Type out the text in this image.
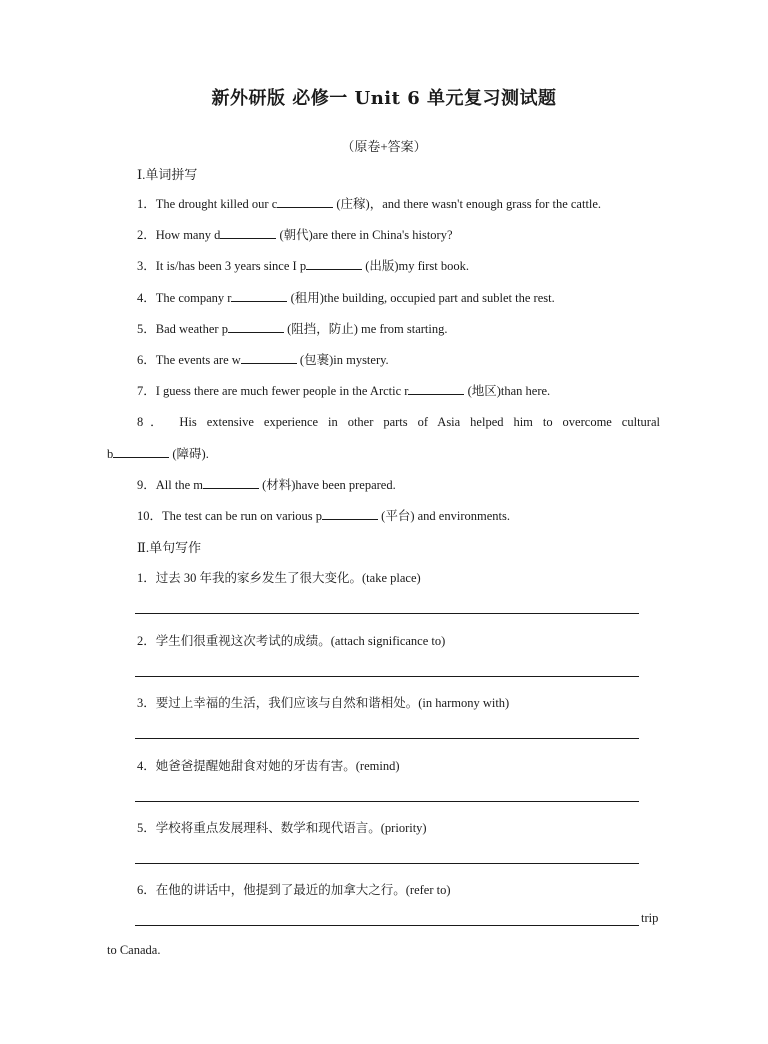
新外研版 必修一 Unit 6 单元复习测试题
（原卷+答案）
Ⅰ.单词拼写
1．The drought killed our c	(庄稼)，and there wasn't enough grass for the cattle.
2．How many d	(朝代)are there in China's history?
3．It is/has been 3 years since I p	(出版)my first book.
4．The company r	(租用)the building, occupied part and sublet the rest.
5．Bad weather p	(阻挡，防止) me from starting.
6．The events are w	(包裹)in mystery.
7．I guess there are much fewer people in the Arctic r	(地区)than here.
8． His extensive experience in other parts of Asia helped him to overcome cultural
b	(障碍).
9．All the m	(材料)have been prepared.
10．The test can be run on various p	(平台) and environments.
Ⅱ.单句写作
1．过去 30 年我的家乡发生了很大变化。(take place)
2．学生们很重视这次考试的成绩。(attach significance to)
3．要过上幸福的生活，我们应该与自然和谐相处。(in harmony with)
4．她爸爸提醒她甜食对她的牙齿有害。(remind)
5．学校将重点发展理科、数学和现代语言。(priority)
6．在他的讲话中，他提到了最近的加拿大之行。(refer to)
trip
to Canada.
